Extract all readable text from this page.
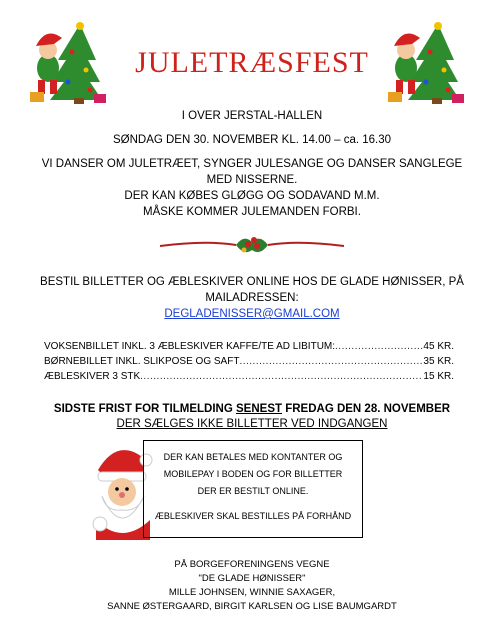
JULETRÆSFEST
I OVER JERSTAL-HALLEN
SØNDAG DEN 30. NOVEMBER KL. 14.00 – ca. 16.30
VI DANSER OM JULETRÆET, SYNGER JULESANGE OG DANSER SANGLEGE
MED NISSERNE.
DER KAN KØBES GLØGG OG SODAVAND M.M.
MÅSKE KOMMER JULEMANDEN FORBI.
BESTIL BILLETTER OG ÆBLESKIVER ONLINE HOS DE GLADE HØNISSER, PÅ
MAILADRESSEN:
DEGLADENISSER@GMAIL.COM
VOKSENBILLET INKL. 3 ÆBLESKIVER KAFFE/TE AD LIBITUM: .....	45 KR.
BØRNEBILLET INKL. SLIKPOSE OG SAFT .....	35 KR.
ÆBLESKIVER 3 STK .....	15 KR.
SIDSTE FRIST FOR TILMELDING SENEST FREDAG DEN 28. NOVEMBER
DER SÆLGES IKKE BILLETTER VED INDGANGEN

DER KAN BETALES MED KONTANTER OG MOBILEPAY I BODEN OG FOR BILLETTER DER ER BESTILT ONLINE.

ÆBLESKIVER SKAL BESTILLES PÅ FORHÅND

PÅ BORGEFORENINGENS VEGNE
"DE GLADE HØNISSER"
MILLE JOHNSEN, WINNIE SAXAGER,
SANNE ØSTERGAARD, BIRGIT KARLSEN OG LISE BAUMGARDT
